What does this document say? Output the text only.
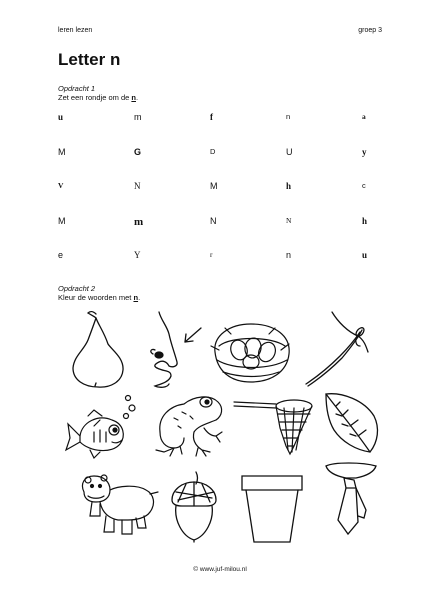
leren lezen	groep 3
Letter n
Opdracht 1
Zet een rondje om de n.
u	m	f	n	a
M	G	D	U	y
V	N	M	h	c
M	m	N	N	h
e	Y	r	n	u
Opdracht 2
Kleur de woorden met n.
© www.juf-milou.nl
